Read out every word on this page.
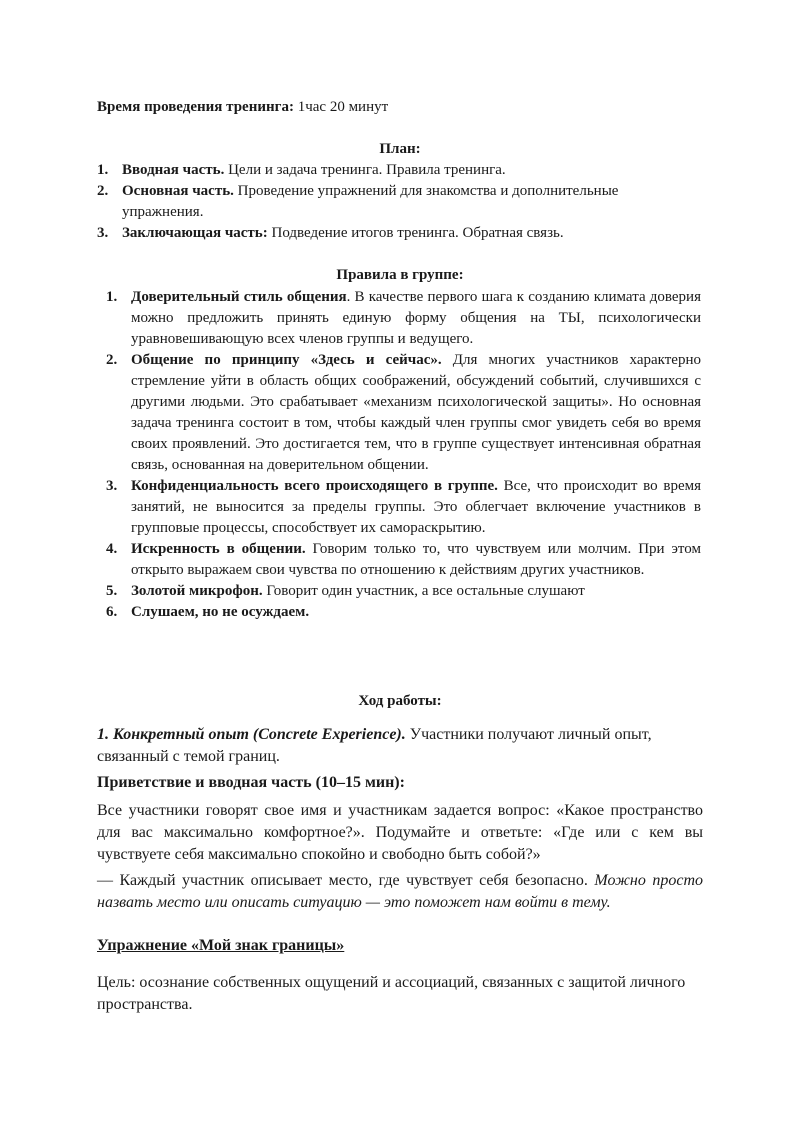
Время проведения тренинга: 1час 20 минут
План:
1. Вводная часть. Цели и задача тренинга. Правила тренинга.
2. Основная часть. Проведение упражнений для знакомства и дополнительные упражнения.
3. Заключающая часть: Подведение итогов тренинга. Обратная связь.
Правила в группе:
1. Доверительный стиль общения. В качестве первого шага к созданию климата доверия можно предложить принять единую форму общения на ТЫ, психологически уравновешивающую всех членов группы и ведущего.
2. Общение по принципу «Здесь и сейчас». Для многих участников характерно стремление уйти в область общих соображений, обсуждений событий, случившихся с другими людьми. Это срабатывает «механизм психологической защиты». Но основная задача тренинга состоит в том, чтобы каждый член группы смог увидеть себя во время своих проявлений. Это достигается тем, что в группе существует интенсивная обратная связь, основанная на доверительном общении.
3. Конфиденциальность всего происходящего в группе. Все, что происходит во время занятий, не выносится за пределы группы. Это облегчает включение участников в групповые процессы, способствует их самораскрытию.
4. Искренность в общении. Говорим только то, что чувствуем или молчим. При этом открыто выражаем свои чувства по отношению к действиям других участников.
5. Золотой микрофон. Говорит один участник, а все остальные слушают
6. Слушаем, но не осуждаем.
Ход работы:
1. Конкретный опыт (Concrete Experience). Участники получают личный опыт, связанный с темой границ.
Приветствие и вводная часть (10–15 мин):
Все участники говорят свое имя и участникам задается вопрос: «Какое пространство для вас максимально комфортное?». Подумайте и ответьте: «Где или с кем вы чувствуете себя максимально спокойно и свободно быть собой?»
— Каждый участник описывает место, где чувствует себя безопасно. Можно просто назвать место или описать ситуацию — это поможет нам войти в тему.
Упражнение «Мой знак границы»
Цель: осознание собственных ощущений и ассоциаций, связанных с защитой личного пространства.
